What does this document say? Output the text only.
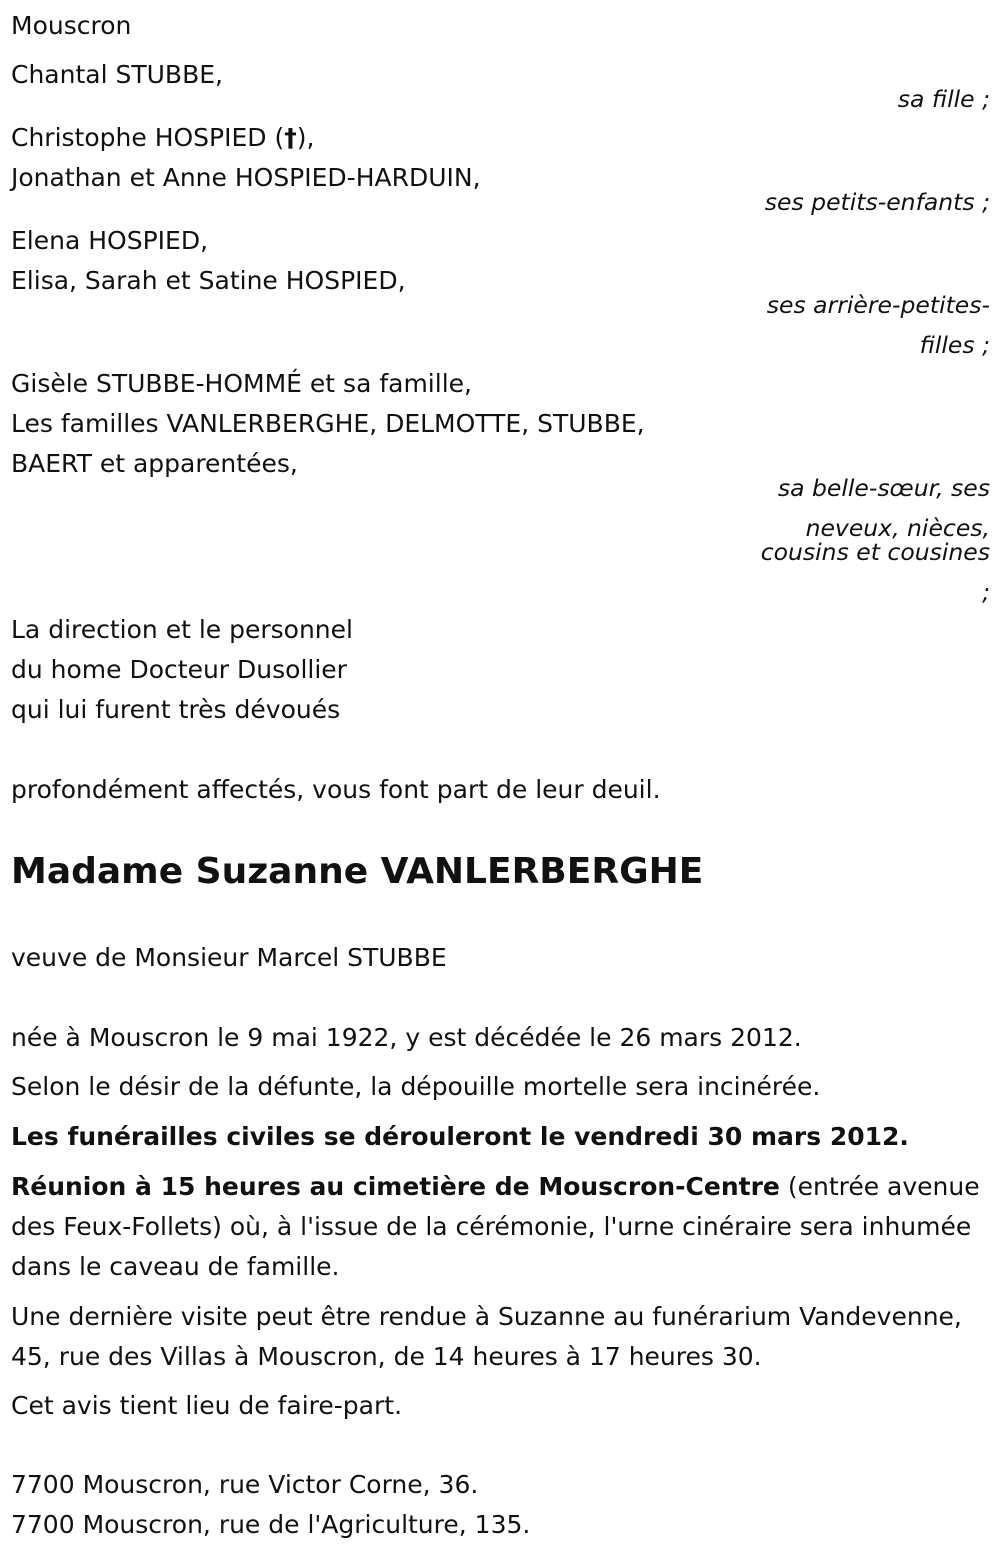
Mouscron
Chantal STUBBE,
sa fille ;
Christophe HOSPIED (†),
Jonathan et Anne HOSPIED-HARDUIN,
ses petits-enfants ;
Elena HOSPIED,
Elisa, Sarah et Satine HOSPIED,
ses arrière-petites-
filles ;
Gisèle STUBBE-HOMMÉ et sa famille,
Les familles VANLERBERGHE, DELMOTTE, STUBBE,
BAERT et apparentées,
sa belle-sœur, ses
neveux, nièces,
cousins et cousines
;
La direction et le personnel
du home Docteur Dusollier
qui lui furent très dévoués
profondément affectés, vous font part de leur deuil.
Madame Suzanne VANLERBERGHE
veuve de Monsieur Marcel STUBBE
née à Mouscron le 9 mai 1922, y est décédée le 26 mars 2012.
Selon le désir de la défunte, la dépouille mortelle sera incinérée.
Les funérailles civiles se dérouleront le vendredi 30 mars 2012.
Réunion à 15 heures au cimetière de Mouscron-Centre (entrée avenue des Feux-Follets) où, à l'issue de la cérémonie, l'urne cinéraire sera inhumée dans le caveau de famille.
Une dernière visite peut être rendue à Suzanne au funérarium Vandevenne, 45, rue des Villas à Mouscron, de 14 heures à 17 heures 30.
Cet avis tient lieu de faire-part.
7700 Mouscron, rue Victor Corne, 36.
7700 Mouscron, rue de l'Agriculture, 135.
